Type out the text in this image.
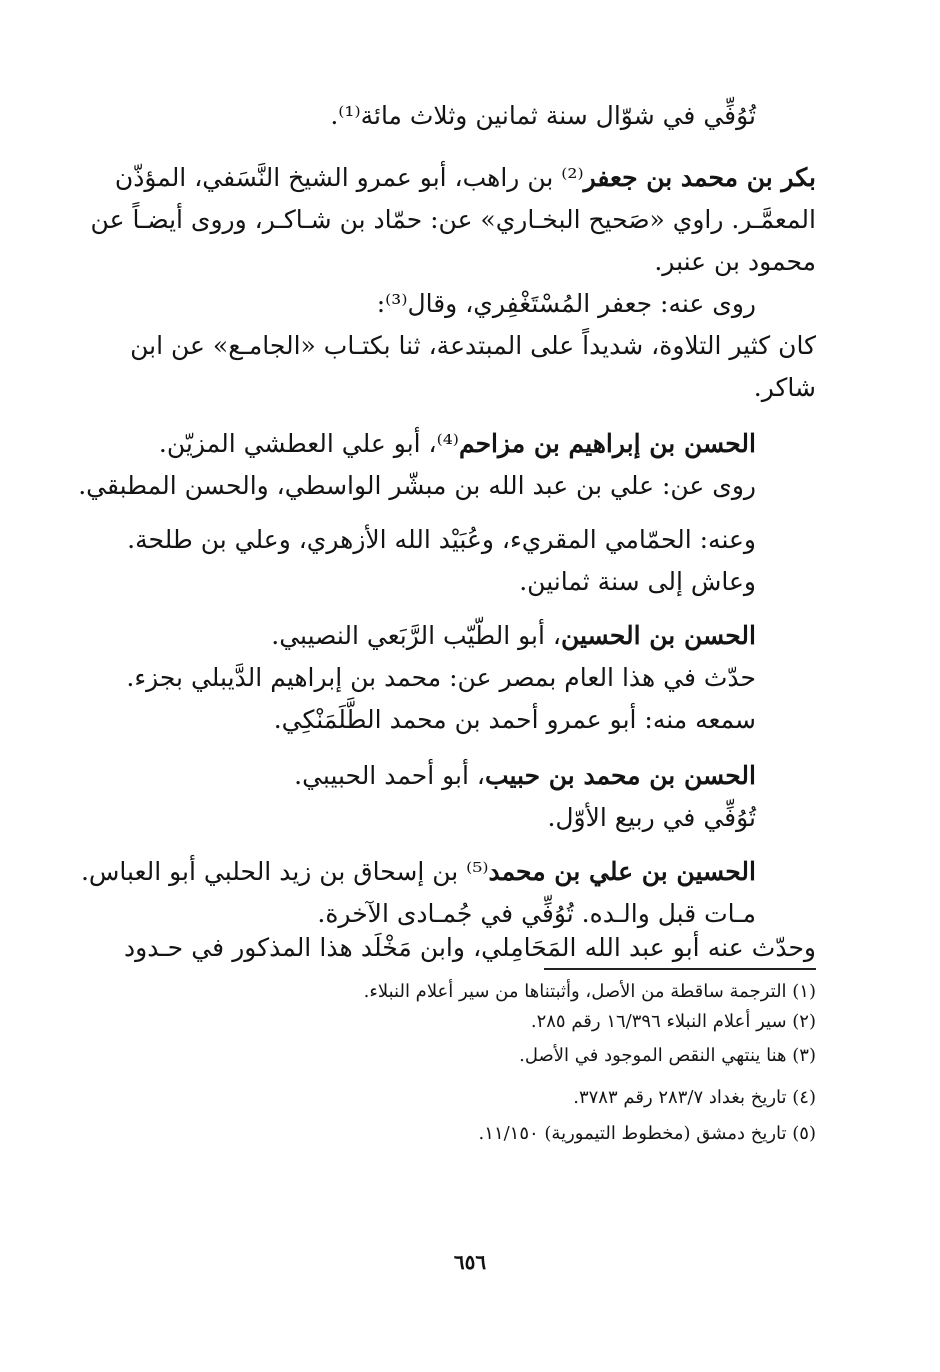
تُوُفِّي في شوّال سنة ثمانين وثلاث مائة⁽¹⁾.
بكر بن محمد بن جعفر⁽²⁾ بن راهب، أبو عمرو الشيخ النَّسَفي، المؤذّن
المعمَّـر. راوي «صَحيح البخـاري» عن: حمّاد بن شـاكـر، وروى أيضـاً عن
محمود بن عنبر.
روى عنه: جعفر المُسْتَغْفِري، وقال⁽³⁾:
كان كثير التلاوة، شديداً على المبتدعة، ثنا بكتـاب «الجامـع» عن ابن
شاكر.
الحسن بن إبراهيم بن مزاحم⁽⁴⁾، أبو علي العطشي المزيّن.
روى عن: علي بن عبد الله بن مبشّر الواسطي، والحسن المطبقي.
وعنه: الحمّامي المقريء، وعُبَيْد الله الأزهري، وعلي بن طلحة.
وعاش إلى سنة ثمانين.
الحسن بن الحسين، أبو الطّيّب الرَّبَعي النصيبي.
حدّث في هذا العام بمصر عن: محمد بن إبراهيم الدَّيبلي بجزء.
سمعه منه: أبو عمرو أحمد بن محمد الطَّلَمَنْكِي.
الحسن بن محمد بن حبيب، أبو أحمد الحبيبي.
تُوُفِّي في ربيع الأوّل.
الحسين بن علي بن محمد⁽⁵⁾ بن إسحاق بن زيد الحلبي أبو العباس.
مـات قبل والـده. تُوُفِّي في جُمـادى الآخرة.
وحدّث عنه أبو عبد الله المَحَامِلي، وابن مَخْلَد هذا المذكور في حـدود
(١) الترجمة ساقطة من الأصل، وأثبتناها من سير أعلام النبلاء.
(٢) سير أعلام النبلاء ١٦/٣٩٦ رقم ٢٨٥.
(٣) هنا ينتهي النقص الموجود في الأصل.
(٤) تاريخ بغداد ٢٨٣/٧ رقم ٣٧٨٣.
(٥) تاريخ دمشق (مخطوط التيمورية) ١١/١٥٠.
٦٥٦
